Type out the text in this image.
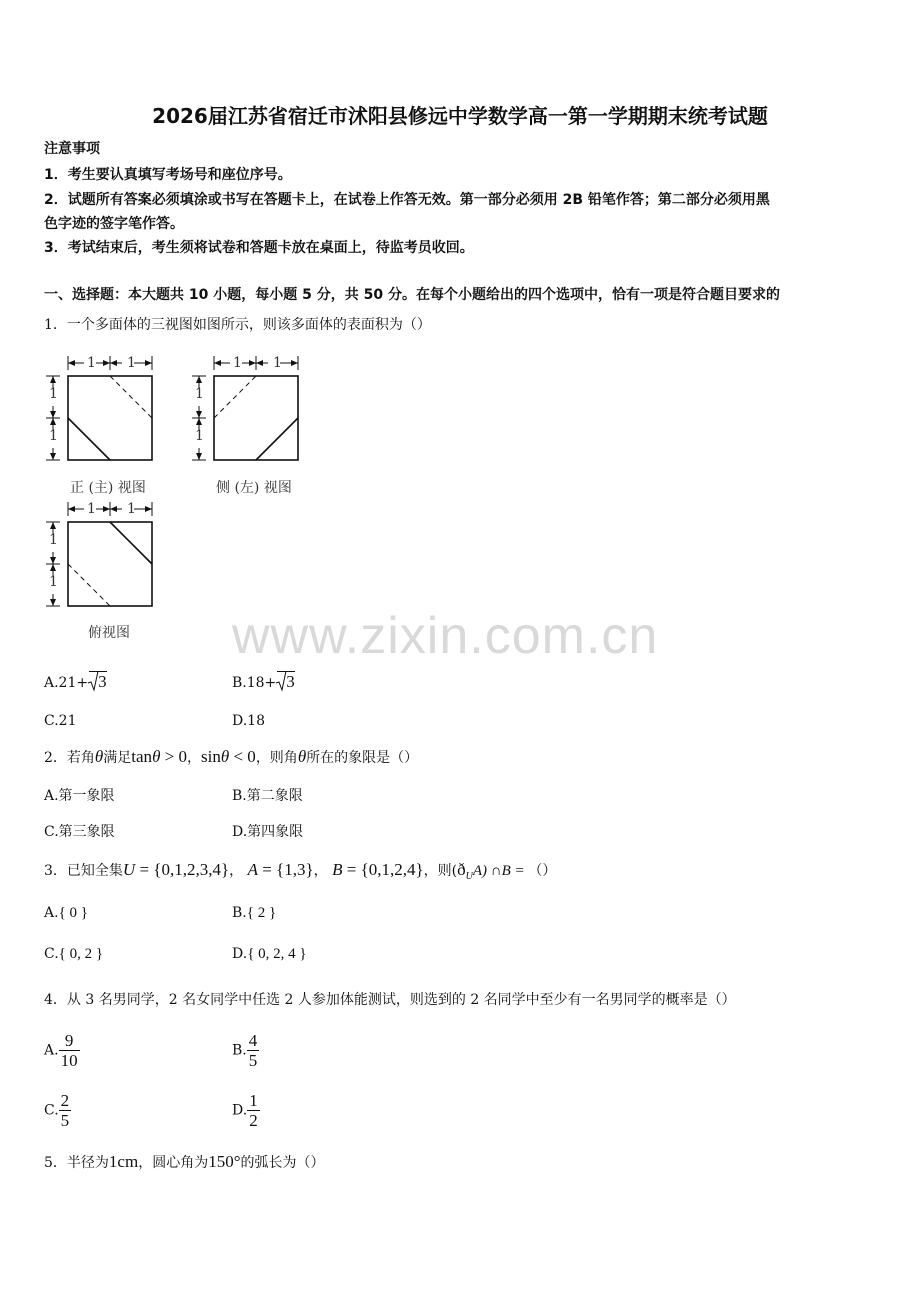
2026届江苏省宿迁市沭阳县修远中学数学高一第一学期期末统考试题
注意事项
1．考生要认真填写考场号和座位序号。
2．试题所有答案必须填涂或书写在答题卡上，在试卷上作答无效。第一部分必须用 2B 铅笔作答；第二部分必须用黑
色字迹的签字笔作答。
3．考试结束后，考生须将试卷和答题卡放在桌面上，待监考员收回。
一、选择题：本大题共 10 小题，每小题 5 分，共 50 分。在每个小题给出的四个选项中，恰有一项是符合题目要求的
1．一个多面体的三视图如图所示，则该多面体的表面积为（）
1 1
1
1
正 (主) 视图
1 1
1
1
侧 (左) 视图
1 1
1
1
俯视图 www.zixin.com.cn
A.21+ 3	B.18+ 3
C.21	D.18
2．若角θ满足tanθ > 0，sinθ < 0，则角θ所在的象限是（）
A.第一象限	B.第二象限
C.第三象限	D.第四象限
3．已知全集U = {0,1,2,3,4}， A = {1,3}， B = {0,1,2,4}，则$(ð_UA)$ ∩B = （）
A.{ 0 }	B.{ 2 }
C.{ 0, 2 }	D.{ 0, 2, 4 }
4．从 3 名男同学，2 名女同学中任选 2 人参加体能测试，则选到的 2 名同学中至少有一名男同学的概率是（）
A. $\frac{9}{10}$	B. $\frac{4}{5}$
C. $\frac{2}{5}$	D. $\frac{1}{2}$
5．半径为1cm，圆心角为150°的弧长为（）
